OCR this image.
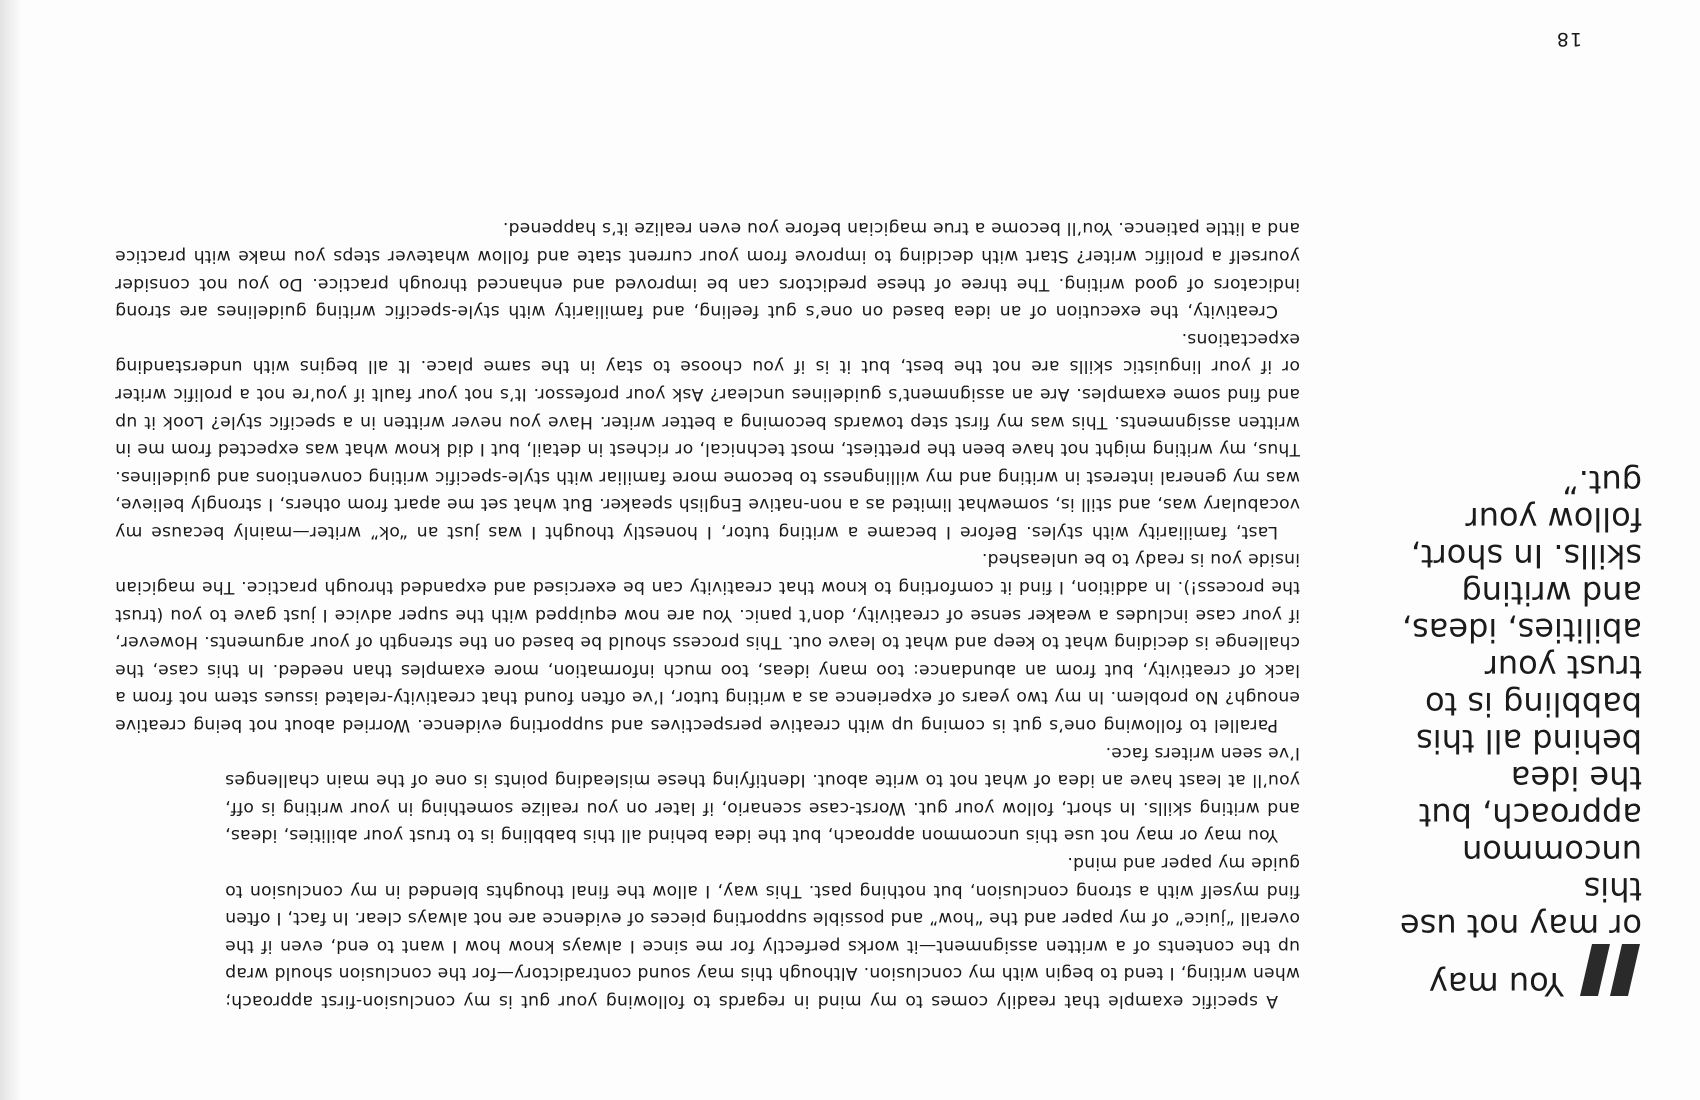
18
You may or may not use this uncommon approach, but the idea behind all this babbling is to trust your abilities, ideas, and writing skills. In short, follow your gut.”

A specific example that readily comes to my mind in regards to following your gut is my conclusion-first approach; when writing, I tend to begin with my conclusion. Although this may sound contradictory—for the conclusion should wrap up the contents of a written assignment—it works perfectly for me since I always know how I want to end, even if the overall “juice” of my paper and the “how” and possible supporting pieces of evidence are not always clear. In fact, I often find myself with a strong conclusion, but nothing past. This way, I allow the final thoughts blended in my conclusion to guide my paper and mind.

You may or may not use this uncommon approach, but the idea behind all this babbling is to trust your abilities, ideas, and writing skills. In short, follow your gut. Worst-case scenario, if later on you realize something in your writing is off, you’ll at least have an idea of what not to write about. Identifying these misleading points is one of the main challenges I’ve seen writers face.

Parallel to following one’s gut is coming up with creative perspectives and supporting evidence. Worried about not being creative enough? No problem. In my two years of experience as a writing tutor, I’ve often found that creativity-related issues stem not from a lack of creativity, but from an abundance: too many ideas, too much information, more examples than needed. In this case, the challenge is deciding what to keep and what to leave out. This process should be based on the strength of your arguments. However, if your case includes a weaker sense of creativity, don’t panic. You are now equipped with the super advice I just gave to you (trust the process!). In addition, I find it comforting to know that creativity can be exercised and expanded through practice. The magician inside you is ready to be unleashed.

Last, familiarity with styles. Before I became a writing tutor, I honestly thought I was just an “ok” writer—mainly because my vocabulary was, and still is, somewhat limited as a non-native English speaker. But what set me apart from others, I strongly believe, was my general interest in writing and my willingness to become more familiar with style-specific writing conventions and guidelines. Thus, my writing might not have been the prettiest, most technical, or richest in detail, but I did know what was expected from me in written assignments. This was my first step towards becoming a better writer. Have you never written in a specific style? Look it up and find some examples. Are an assignment’s guidelines unclear? Ask your professor. It’s not your fault if you’re not a prolific writer or if your linguistic skills are not the best, but it is if you choose to stay in the same place. It all begins with understanding expectations.

Creativity, the execution of an idea based on one’s gut feeling, and familiarity with style-specific writing guidelines are strong indicators of good writing. The three of these predictors can be improved and enhanced through practice. Do you not consider yourself a prolific writer? Start with deciding to improve from your current state and follow whatever steps you make with practice and a little patience. You’ll become a true magician before you even realize it’s happened.
